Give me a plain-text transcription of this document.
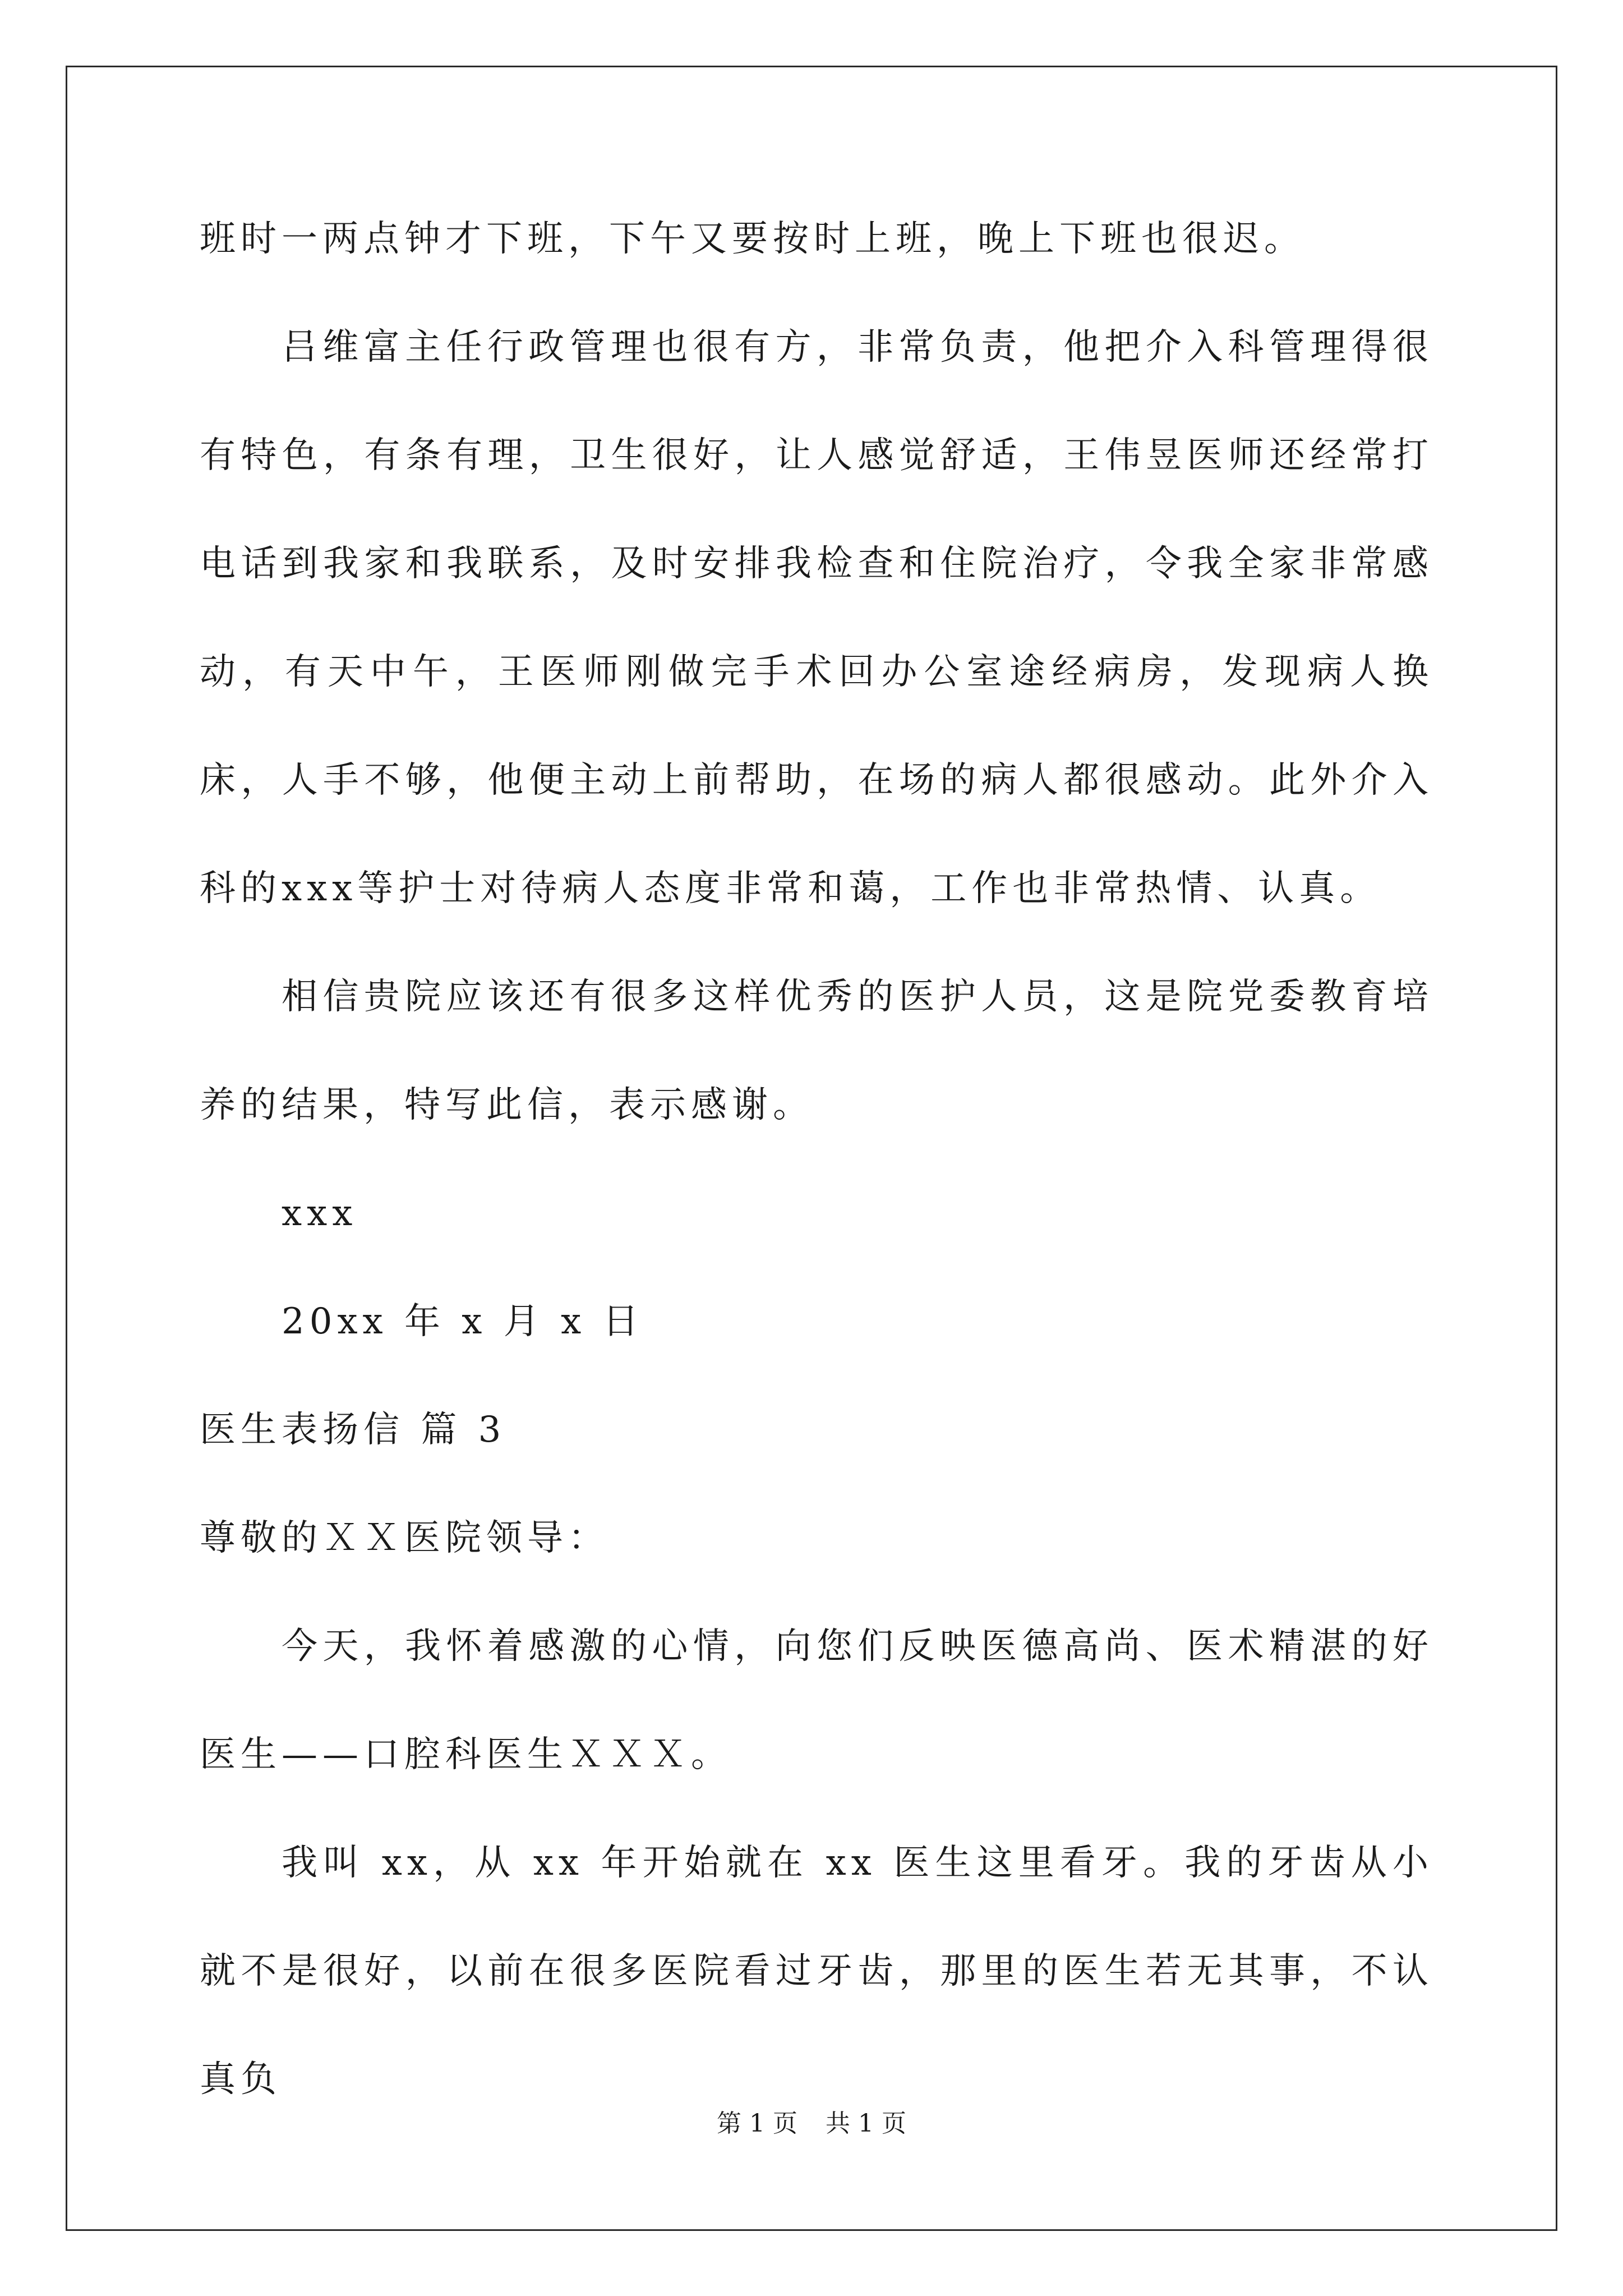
班时一两点钟才下班，下午又要按时上班，晚上下班也很迟。

吕维富主任行政管理也很有方，非常负责，他把介入科管理得很有特色，有条有理，卫生很好，让人感觉舒适，王伟昱医师还经常打电话到我家和我联系，及时安排我检查和住院治疗，令我全家非常感动，有天中午，王医师刚做完手术回办公室途经病房，发现病人换床，人手不够，他便主动上前帮助，在场的病人都很感动。此外介入科的xxx等护士对待病人态度非常和蔼，工作也非常热情、认真。

相信贵院应该还有很多这样优秀的医护人员，这是院党委教育培养的结果，特写此信，表示感谢。

xxx

20xx 年 x 月 x 日

医生表扬信 篇 3

尊敬的ＸＸ医院领导：

今天，我怀着感激的心情，向您们反映医德高尚、医术精湛的好医生——口腔科医生ＸＸＸ。

我叫 xx，从 xx 年开始就在 xx 医生这里看牙。我的牙齿从小就不是很好，以前在很多医院看过牙齿，那里的医生若无其事，不认真负

第 1 页 共 1 页
